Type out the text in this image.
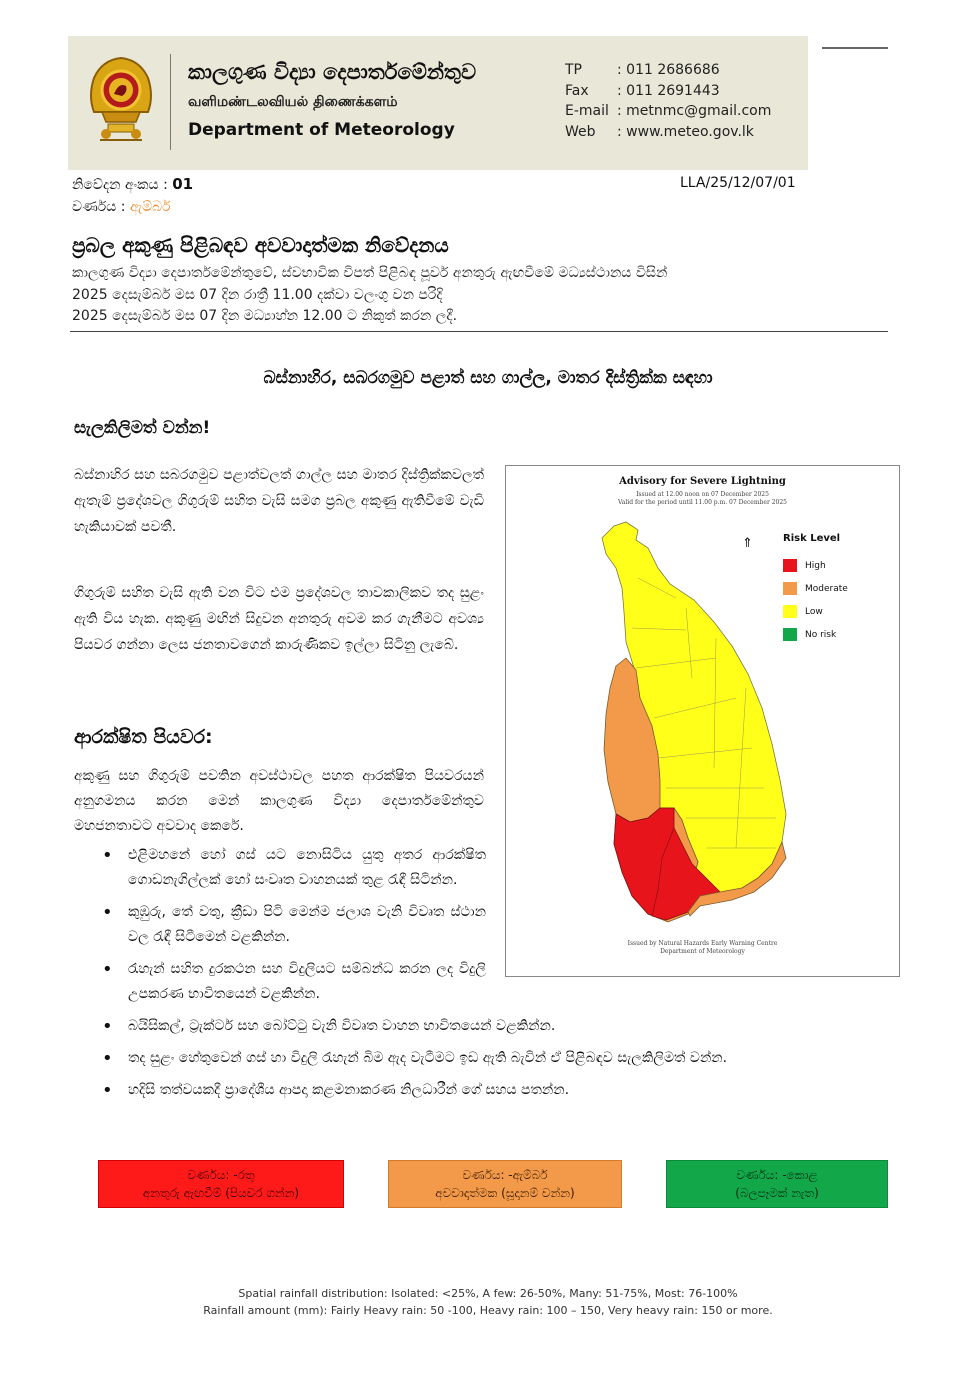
කාලගුණ විද්‍යා දෙපාර්තමේන්තුව
வளிமண்டலவியல் திணைக்களம்
Department of Meteorology
TP	: 011 2686686
Fax	: 011 2691443
E-mail : metnmc@gmail.com
Web	: www.meteo.gov.lk
නිවේදන අංකය : 01
වර්ණය : ඇම්බර්
LLA/25/12/07/01
ප්‍රබල අකුණු පිළිබඳව අවවාදාත්මක නිවේදනය
කාලගුණ විද්‍යා දෙපාර්තමේන්තුවේ, ස්වභාවික විපත් පිළිබඳ පූර්ව අනතුරු ඇඟවීමේ මධ්‍යස්ථානය විසින්
2025 දෙසැම්බර් මස 07 දින රාත්‍රී 11.00 දක්වා වලංගු වන පරිදි
2025 දෙසැම්බර් මස 07 දින මධ්‍යාහ්න 12.00 ට නිකුත් කරන ලදී.
බස්නාහිර, සබරගමුව පළාත් සහ ගාල්ල, මාතර දිස්ත්‍රික්ක සඳහා
සැලකිලිමත් වන්න!
බස්නාහිර සහ සබරගමුව පළාත්වලත් ගාල්ල සහ මාතර දිස්ත්‍රික්කවලත් ඇතැම් ප්‍රදේශවල ගිගුරුම් සහිත වැසි සමග ප්‍රබල අකුණු ඇතිවීමේ වැඩි හැකියාවක් පවතී.
ගිගුරුම් සහිත වැසි ඇති වන විට එම ප්‍රදේශවල තාවකාලිකව තද සුළං ඇති විය හැක. අකුණු මඟින් සිදුවන අනතුරු අවම කර ගැනීමට අවශ්‍ය පියවර ගන්නා ලෙස ජනතාවගෙන් කාරුණිකව ඉල්ලා සිටිනු ලැබේ.
ආරක්ෂිත පියවර:
අකුණු සහ ගිගුරුම් පවතින අවස්ථාවල පහත ආරක්ෂිත පියවරයන් අනුගමනය කරන මෙන් කාලගුණ විද්‍යා දෙපාර්තමේන්තුව මහජනතාවට අවවාද කෙරේ.
• එළිමහනේ හෝ ගස් යට නොසිටිය යුතු අතර ආරක්ෂිත ගොඩනැගිල්ලක් හෝ සංවෘත වාහනයක් තුළ රැඳී සිටින්න.
• කුඹුරු, තේ වතු, ක්‍රීඩා පිටි මෙන්ම ජලාශ වැනි විවෘත ස්ථාන වල රැඳී සිටීමෙන් වළකින්න.
• රැහැන් සහිත දුරකථන සහ විදුලියට සම්බන්ධ කරන ලද විදුලි උපකරණ භාවිතයෙන් වළකින්න.
• බයිසිකල්, ට්‍රැක්ටර් සහ බෝට්ටු වැනි විවෘත වාහන භාවිතයෙන් වළකින්න.
• තද සුළං හේතුවෙන් ගස් හා විදුලි රැහැන් බිම ඇද වැටීමට ඉඩ ඇති බැවින් ඒ පිළිබඳව සැලකිලිමත් වන්න.
• හදිසි තත්වයකදී ප්‍රාදේශීය ආපදා කළමනාකරණ නිලධාරීන් ගේ සහය පතන්න.
Advisory for Severe Lightning
Issued at 12.00 noon on 07 December 2025
Valid for the period until 11.00 p.m. 07 December 2025
⇑	Risk Level
High
Moderate
Low
No risk
Issued by Natural Hazards Early Warning Centre
Department of Meteorology
වර්ණය: -රතු
අනතුරු ඇඟවීම් (පියවර ගන්න)
වර්ණය: -ඇම්බර්
අවවාදාත්මක (සූදානම් වන්න)
වර්ණය: -කොළ
(බලපෑමක් නැත)
Spatial rainfall distribution: Isolated: <25%, A few: 26-50%, Many: 51-75%, Most: 76-100%
Rainfall amount (mm): Fairly Heavy rain: 50 -100, Heavy rain: 100 – 150, Very heavy rain: 150 or more.
